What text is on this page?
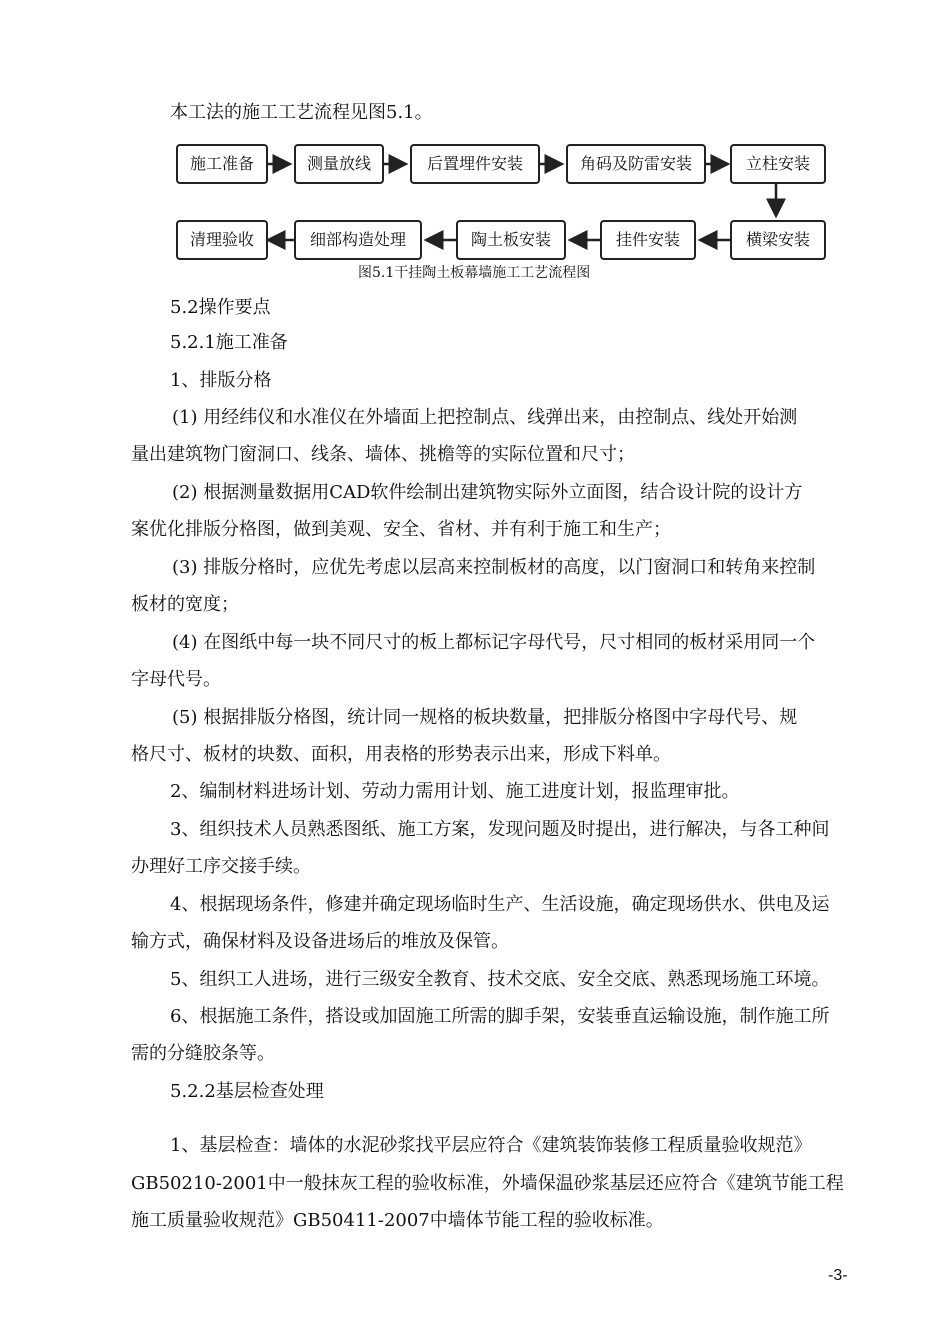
本工法的施工工艺流程见图5.1。
施工准备	测量放线	后置埋件安装	角码及防雷安装	立柱安装
横梁安装
挂件安装
陶土板安装
细部构造处理
清理验收
图5.1干挂陶土板幕墙施工工艺流程图
5.2操作要点
5.2.1施工准备
1、排版分格
(1) 用经纬仪和水准仪在外墙面上把控制点、线弹出来，由控制点、线处开始测
量出建筑物门窗洞口、线条、墙体、挑檐等的实际位置和尺寸；
(2) 根据测量数据用CAD软件绘制出建筑物实际外立面图，结合设计院的设计方
案优化排版分格图，做到美观、安全、省材、并有利于施工和生产；
(3) 排版分格时，应优先考虑以层高来控制板材的高度，以门窗洞口和转角来控制
板材的宽度；
(4) 在图纸中每一块不同尺寸的板上都标记字母代号，尺寸相同的板材采用同一个
字母代号。
(5) 根据排版分格图，统计同一规格的板块数量，把排版分格图中字母代号、规
格尺寸、板材的块数、面积，用表格的形势表示出来，形成下料单。
2、编制材料进场计划、劳动力需用计划、施工进度计划，报监理审批。
3、组织技术人员熟悉图纸、施工方案，发现问题及时提出，进行解决，与各工种间
办理好工序交接手续。
4、根据现场条件，修建并确定现场临时生产、生活设施，确定现场供水、供电及运
输方式，确保材料及设备进场后的堆放及保管。
5、组织工人进场，进行三级安全教育、技术交底、安全交底、熟悉现场施工环境。
6、根据施工条件，搭设或加固施工所需的脚手架，安装垂直运输设施，制作施工所
需的分缝胶条等。
5.2.2基层检查处理
1、基层检查：墙体的水泥砂浆找平层应符合《建筑装饰装修工程质量验收规范》
GB50210-2001中一般抹灰工程的验收标准，外墙保温砂浆基层还应符合《建筑节能工程
施工质量验收规范》GB50411-2007中墙体节能工程的验收标准。
-3-
